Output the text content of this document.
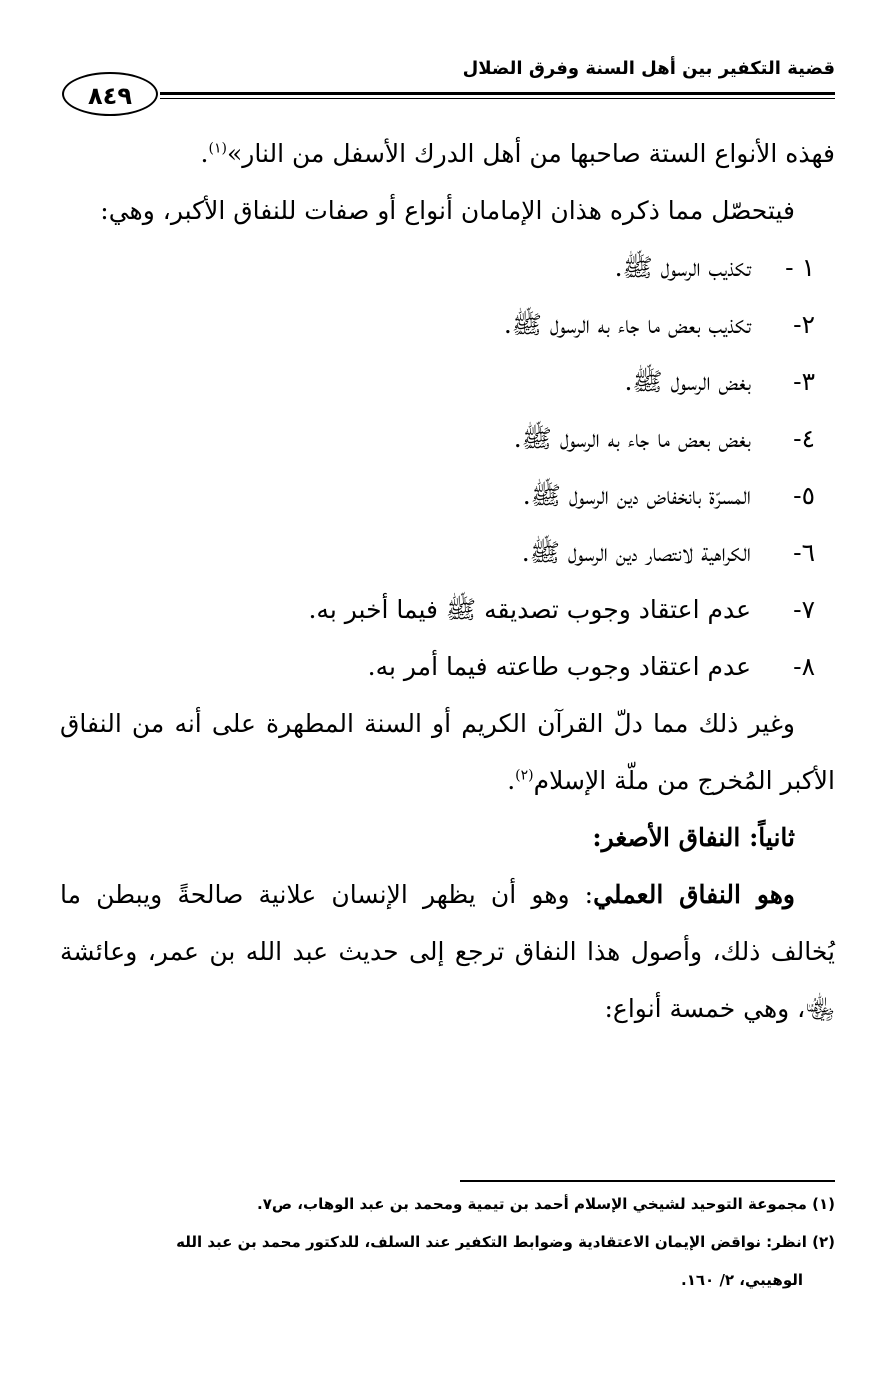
قضية التكفير بين أهل السنة وفرق الضلال
٨٤٩

فهذه الأنواع الستة صاحبها من أهل الدرك الأسفل من النار»$^{(١)}$.

فيتحصّل مما ذكره هذان الإمامان أنواع أو صفات للنفاق الأكبر، وهي:

١ -
تكذيب الرسول ﷺ.
٢-
تكذيب بعض ما جاء به الرسول ﷺ.
٣-
بغض الرسول ﷺ.
٤-
بغض بعض ما جاء به الرسول ﷺ.
٥-
المسرّة بانخفاض دين الرسول ﷺ.
٦-
الكراهية لانتصار دين الرسول ﷺ.
٧-
عدم اعتقاد وجوب تصديقه ﷺ فيما أخبر به.
٨-
عدم اعتقاد وجوب طاعته فيما أمر به.

وغير ذلك مما دلّ القرآن الكريم أو السنة المطهرة على أنه من النفاق الأكبر المُخرج من ملّة الإسلام$^{(٢)}$.

ثانياً: النفاق الأصغر:

وهو النفاق العملي: وهو أن يظهر الإنسان علانية صالحةً ويبطن ما يُخالف ذلك، وأصول هذا النفاق ترجع إلى حديث عبد الله بن عمر، وعائشة ﵄، وهي خمسة أنواع:

(١) مجموعة التوحيد لشيخي الإسلام أحمد بن تيمية ومحمد بن عبد الوهاب، ص٧.

(٢) انظر: نواقض الإيمان الاعتقادية وضوابط التكفير عند السلف، للدكتور محمد بن عبد الله

الوهيبي، ٢/ ١٦٠.
